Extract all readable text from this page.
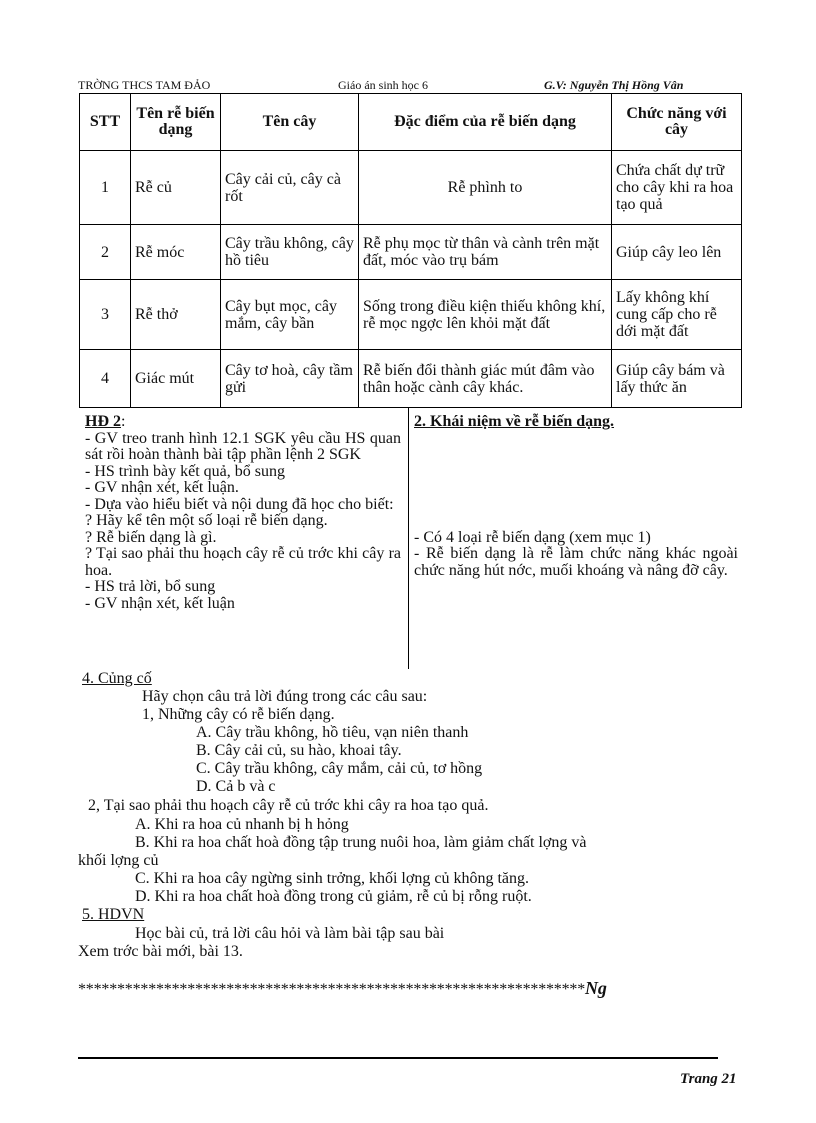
TRỜNG THCS TAM ĐẢO	Giáo án sinh học 6	G.V: Nguyễn Thị Hồng Vân
STT	Tên rễ biến dạng	Tên cây	Đặc điểm của rễ biến dạng	Chức năng với cây
1	Rễ củ	Cây cải củ, cây cà rốt	Rễ phình to	Chứa chất dự trữ cho cây khi ra hoa tạo quả
2	Rễ móc	Cây trầu không, cây hồ tiêu	Rễ phụ mọc từ thân và cành trên mặt đất, móc vào trụ bám	Giúp cây leo lên
3	Rễ thở	Cây bụt mọc, cây mắm, cây bần	Sống trong điều kiện thiếu không khí, rễ mọc ngợc lên khỏi mặt đất	Lấy không khí cung cấp cho rễ dới mặt đất
4	Giác mút	Cây tơ hoà, cây tầm gửi	Rễ biến đổi thành giác mút đâm vào thân hoặc cành cây khác.	Giúp cây bám và lấy thức ăn
HĐ 2:
- GV treo tranh hình 12.1 SGK yêu cầu HS quan sát rồi hoàn thành bài tập phần lệnh 2 SGK
- HS trình bày kết quả, bổ sung
- GV nhận xét, kết luận.
- Dựa vào hiểu biết và nội dung đã học cho biết:
? Hãy kể tên một số loại rễ biến dạng.
? Rễ biến dạng là gì.
? Tại sao phải thu hoạch cây rễ củ trớc khi cây ra hoa.
- HS trả lời, bổ sung
- GV nhận xét, kết luận
2. Khái niệm về rễ biến dạng.
- Có 4 loại rễ biến dạng (xem mục 1)
- Rễ biến dạng là rễ làm chức năng khác ngoài chức năng hút nớc, muối khoáng và nâng đỡ cây.
4. Củng cố
Hãy chọn câu trả lời đúng trong các câu sau:
1, Những cây có rễ biến dạng.
A. Cây trầu không, hồ tiêu, vạn niên thanh
B. Cây cải củ, su hào, khoai tây.
C. Cây trầu không, cây mắm, cải củ, tơ hồng
D. Cả b và c
2, Tại sao phải thu hoạch cây rễ củ trớc khi cây ra hoa tạo quả.
A. Khi ra hoa củ nhanh bị h hỏng
B. Khi ra hoa chất hoà đồng tập trung nuôi hoa, làm giảm chất lợng và
khối lợng củ
C. Khi ra hoa cây ngừng sinh trởng, khối lợng củ không tăng.
D. Khi ra hoa chất hoà đồng trong củ giảm, rễ củ bị rỗng ruột.
5. HDVN
Học bài củ, trả lời câu hỏi và làm bài tập sau bài
Xem trớc bài mới, bài 13.
*****************************************************************Ng
Trang 21
